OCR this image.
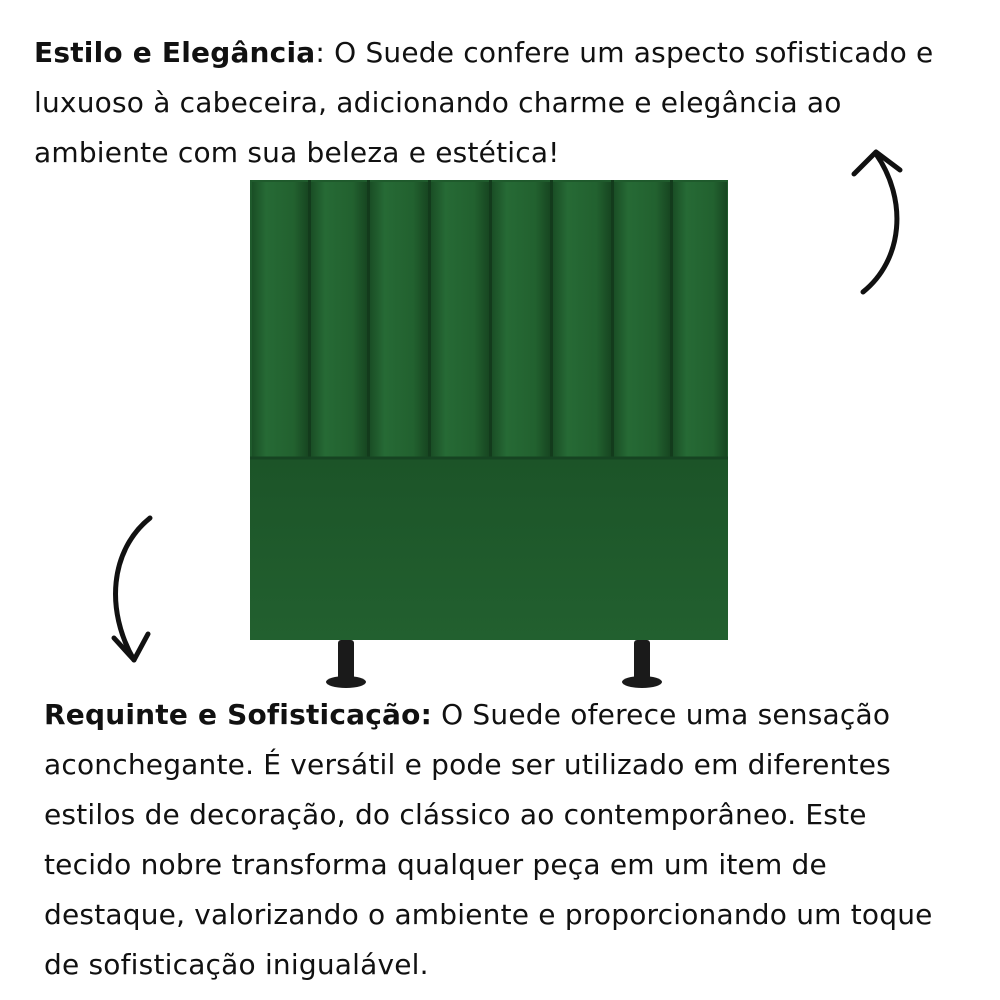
Estilo e Elegância: O Suede confere um aspecto sofisticado e luxuoso à cabeceira, adicionando charme e elegância ao ambiente com sua beleza e estética!
Requinte e Sofisticação: O Suede oferece uma sensação aconchegante. É versátil e pode ser utilizado em diferentes estilos de decoração, do clássico ao contemporâneo. Este tecido nobre transforma qualquer peça em um item de destaque, valorizando o ambiente e proporcionando um toque de sofisticação inigualável.
